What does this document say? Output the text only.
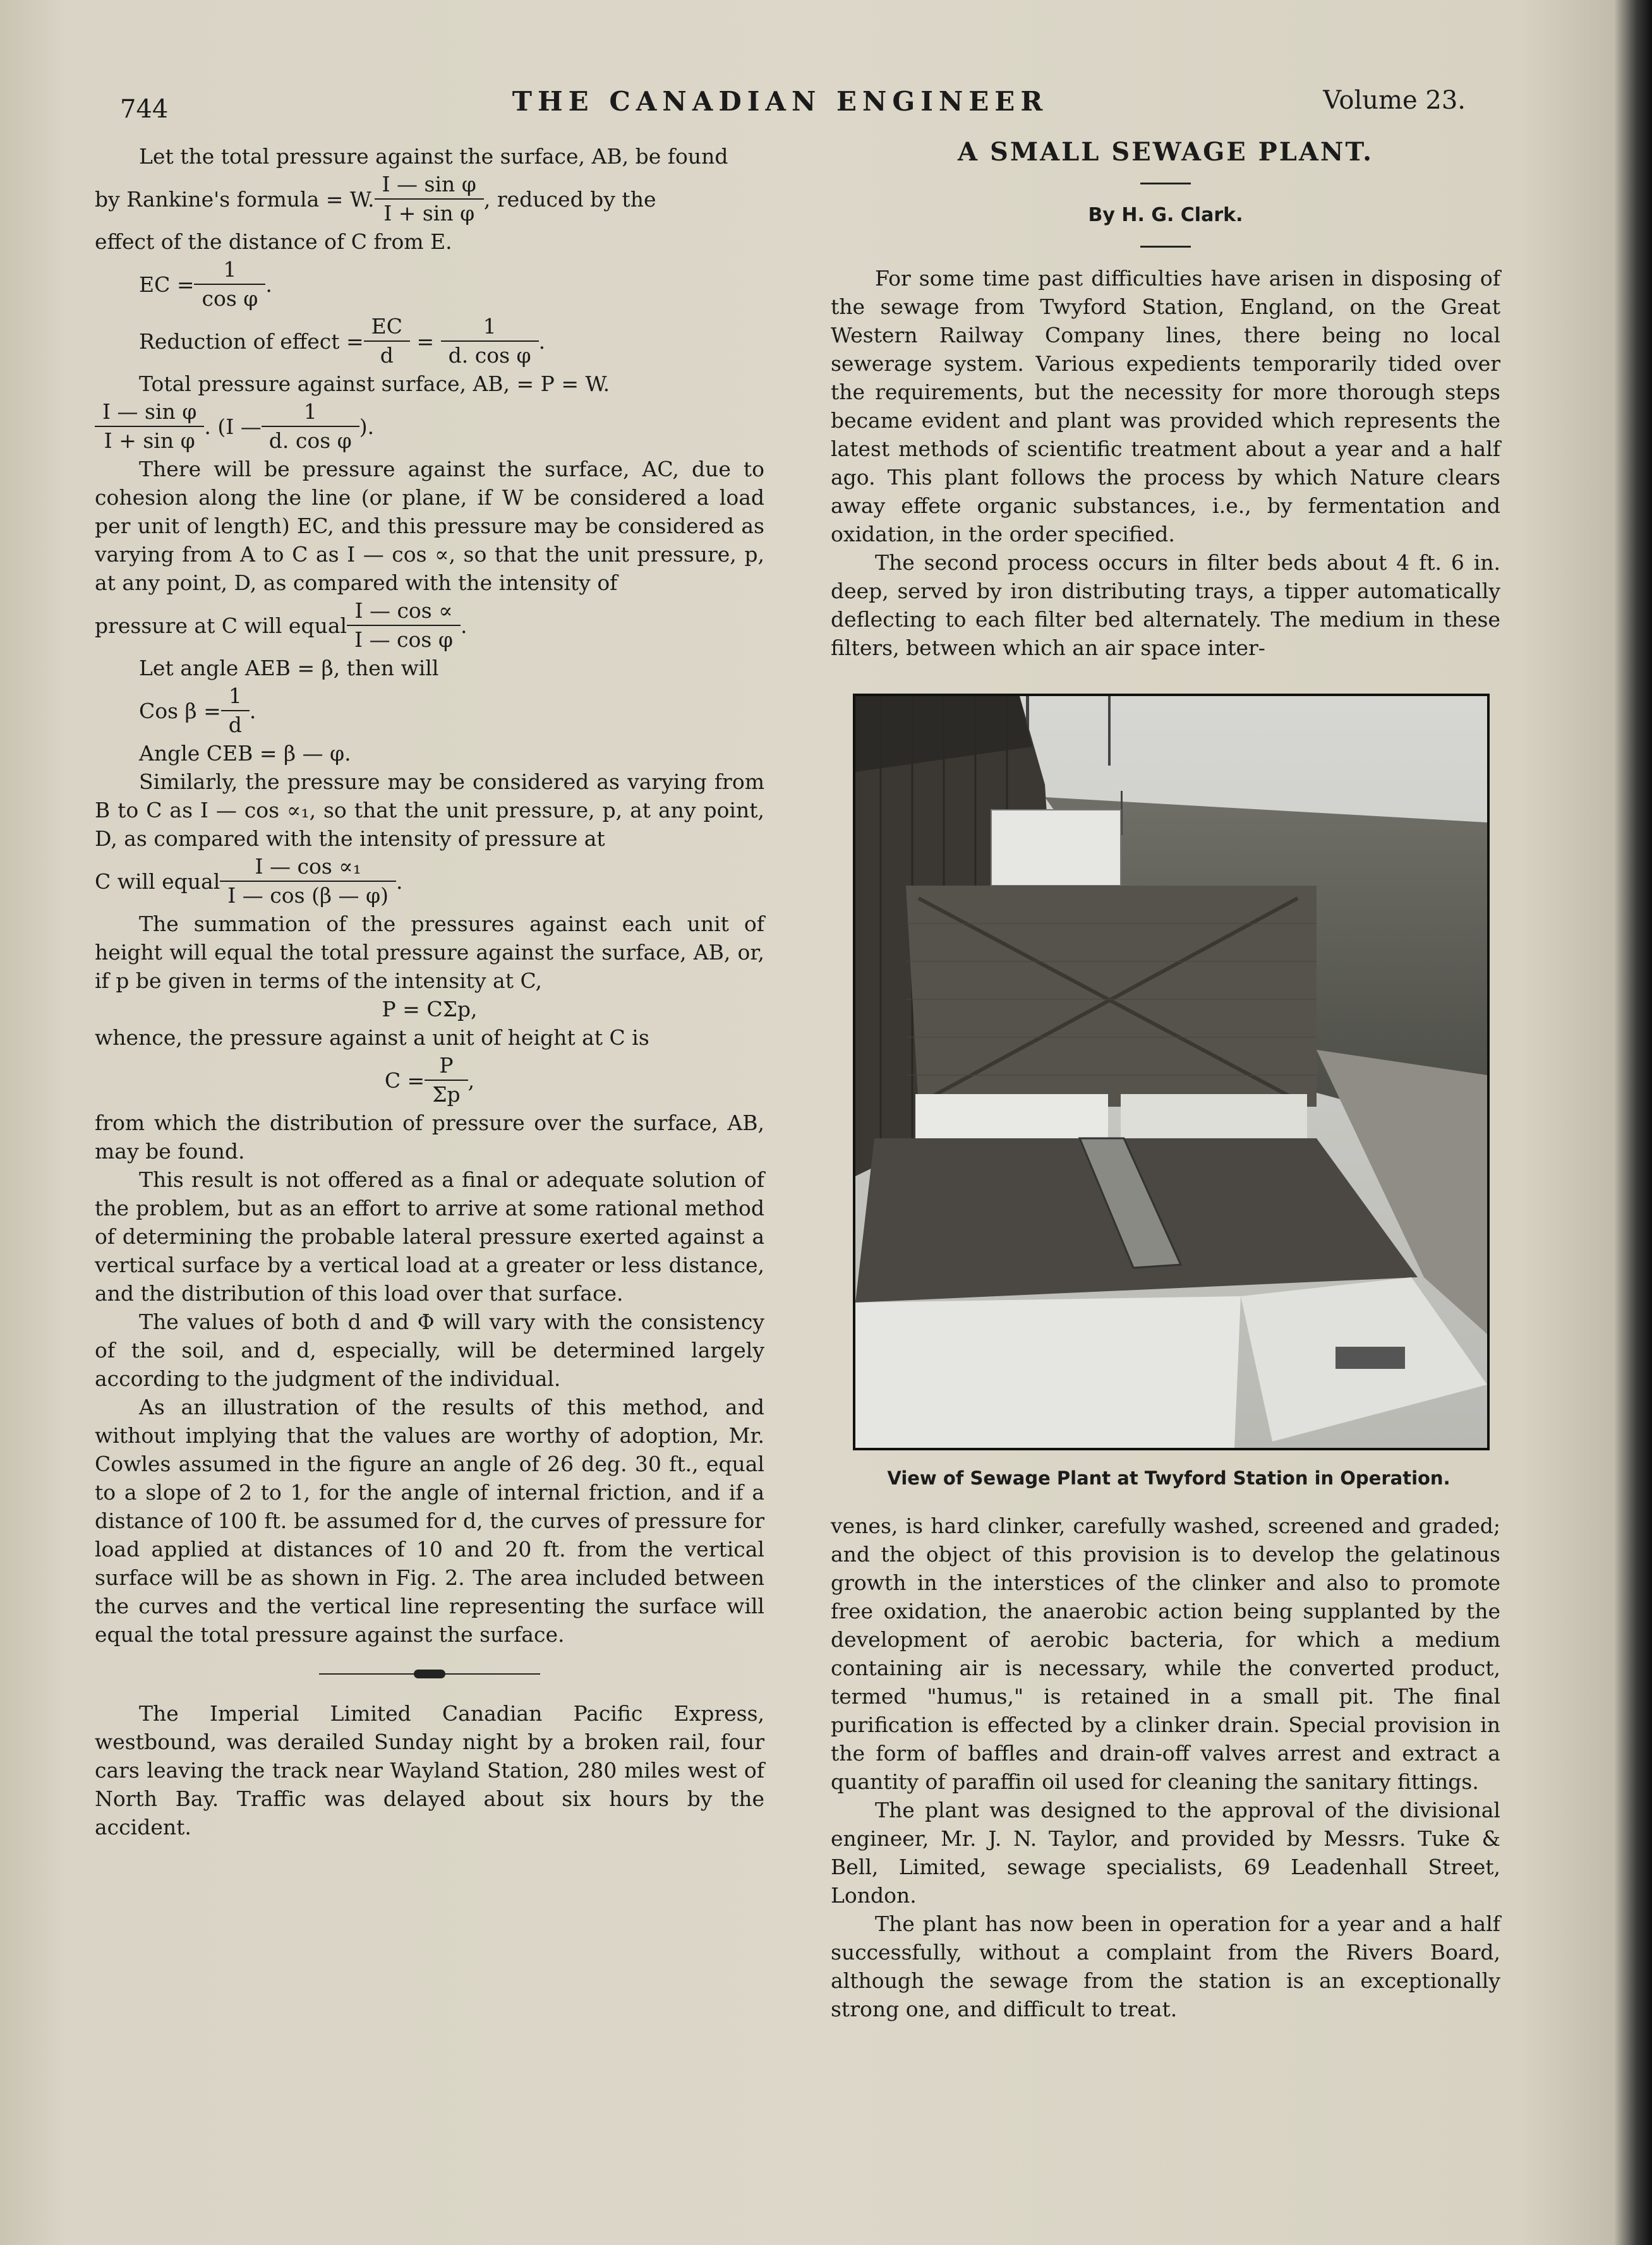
744	THE CANADIAN ENGINEER	Volume 23.

Let the total pressure against the surface, AB, be found

by Rankine's formula = W. $\frac{\text{I — sin φ}}{\text{I + sin φ}}$ , reduced by the

effect of the distance of C from E.

EC = $\frac{1}{\text{cos φ}}$ .
Reduction of effect = $\frac{EC}{d} = \frac{1}{\text{d. cos φ}}$ .

Total pressure against surface, AB, = P = W.

$\frac{\text{I — sin φ}}{\text{I + sin φ}}$ . (I — $\frac{1}{\text{d. cos φ}}$ ).

There will be pressure against the surface, AC, due to cohesion along the line (or plane, if W be considered a load per unit of length) EC, and this pressure may be considered as varying from A to C as I — cos ∝, so that the unit pressure, p, at any point, D, as compared with the intensity of

pressure at C will equal $\frac{I — \cos \propto}{\text{I — cos φ}}$ .

Let angle AEB = β, then will

Cos $\beta = \frac{1}{d}$ .

Angle CEB = β — φ.

Similarly, the pressure may be considered as varying from B to C as I — cos ∝₁, so that the unit pressure, p, at any point, D, as compared with the intensity of pressure at

C will equal $\frac{\text{I — cos ∝₁}}{I — \cos (\beta — \varphi)}$ .

The summation of the pressures against each unit of height will equal the total pressure against the surface, AB, or, if p be given in terms of the intensity at C,

P = CΣp,

whence, the pressure against a unit of height at C is

$C = \frac{P}{\Sigma p}$ ,

from which the distribution of pressure over the surface, AB, may be found.

This result is not offered as a final or adequate solution of the problem, but as an effort to arrive at some rational method of determining the probable lateral pressure exerted against a vertical surface by a vertical load at a greater or less distance, and the distribution of this load over that surface.

The values of both d and Φ will vary with the consistency of the soil, and d, especially, will be determined largely according to the judgment of the individual.

As an illustration of the results of this method, and without implying that the values are worthy of adoption, Mr. Cowles assumed in the figure an angle of 26 deg. 30 ft., equal to a slope of 2 to 1, for the angle of internal friction, and if a distance of 100 ft. be assumed for d, the curves of pressure for load applied at distances of 10 and 20 ft. from the vertical surface will be as shown in Fig. 2. The area included between the curves and the vertical line representing the surface will equal the total pressure against the surface.

The Imperial Limited Canadian Pacific Express, westbound, was derailed Sunday night by a broken rail, four cars leaving the track near Wayland Station, 280 miles west of North Bay. Traffic was delayed about six hours by the accident.

A SMALL SEWAGE PLANT.
By H. G. Clark.

For some time past difficulties have arisen in disposing of the sewage from Twyford Station, England, on the Great Western Railway Company lines, there being no local sewerage system. Various expedients temporarily tided over the requirements, but the necessity for more thorough steps became evident and plant was provided which represents the latest methods of scientific treatment about a year and a half ago. This plant follows the process by which Nature clears away effete organic substances, i.e., by fermentation and oxidation, in the order specified.

The second process occurs in filter beds about 4 ft. 6 in. deep, served by iron distributing trays, a tipper automatically deflecting to each filter bed alternately. The medium in these filters, between which an air space inter-

View of Sewage Plant at Twyford Station in Operation.

venes, is hard clinker, carefully washed, screened and graded; and the object of this provision is to develop the gelatinous growth in the interstices of the clinker and also to promote free oxidation, the anaerobic action being supplanted by the development of aerobic bacteria, for which a medium containing air is necessary, while the converted product, termed "humus," is retained in a small pit. The final purification is effected by a clinker drain. Special provision in the form of baffles and drain-off valves arrest and extract a quantity of paraffin oil used for cleaning the sanitary fittings.

The plant was designed to the approval of the divisional engineer, Mr. J. N. Taylor, and provided by Messrs. Tuke & Bell, Limited, sewage specialists, 69 Leadenhall Street, London.

The plant has now been in operation for a year and a half successfully, without a complaint from the Rivers Board, although the sewage from the station is an exceptionally strong one, and difficult to treat.
